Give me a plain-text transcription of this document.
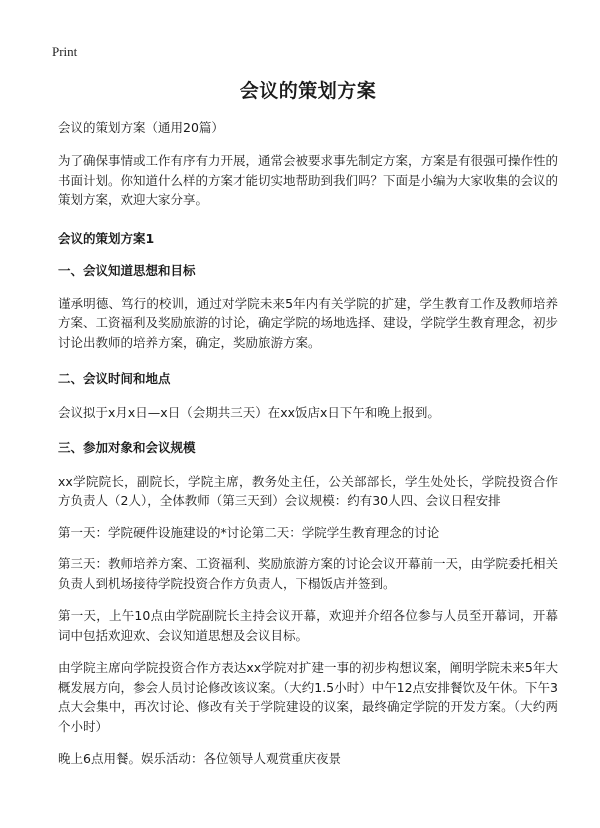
Print
会议的策划方案

会议的策划方案（通用20篇）

为了确保事情或工作有序有力开展，通常会被要求事先制定方案，方案是有很强可操作性的书面计划。你知道什么样的方案才能切实地帮助到我们吗？下面是小编为大家收集的会议的策划方案，欢迎大家分享。

会议的策划方案1

一、会议知道思想和目标

谨承明德、笃行的校训，通过对学院未来5年内有关学院的扩建，学生教育工作及教师培养方案、工资福利及奖励旅游的讨论，确定学院的场地选择、建设，学院学生教育理念，初步讨论出教师的培养方案，确定，奖励旅游方案。

二、会议时间和地点

会议拟于x月x日—x日（会期共三天）在xx饭店x日下午和晚上报到。

三、参加对象和会议规模

xx学院院长，副院长，学院主席，教务处主任，公关部部长，学生处处长，学院投资合作方负责人（2人），全体教师（第三天到）会议规模：约有30人四、会议日程安排

第一天：学院硬件设施建设的*讨论第二天：学院学生教育理念的讨论

第三天：教师培养方案、工资福利、奖励旅游方案的讨论会议开幕前一天，由学院委托相关负责人到机场接待学院投资合作方负责人，下榻饭店并签到。

第一天，上午10点由学院副院长主持会议开幕，欢迎并介绍各位参与人员至开幕词，开幕词中包括欢迎欢、会议知道思想及会议目标。

由学院主席向学院投资合作方表达xx学院对扩建一事的初步构想议案，阐明学院未来5年大概发展方向，参会人员讨论修改该议案。（大约1.5小时）中午12点安排餐饮及午休。下午3点大会集中，再次讨论、修改有关于学院建设的议案，最终确定学院的开发方案。（大约两个小时）

晚上6点用餐。娱乐活动：各位领导人观赏重庆夜景
